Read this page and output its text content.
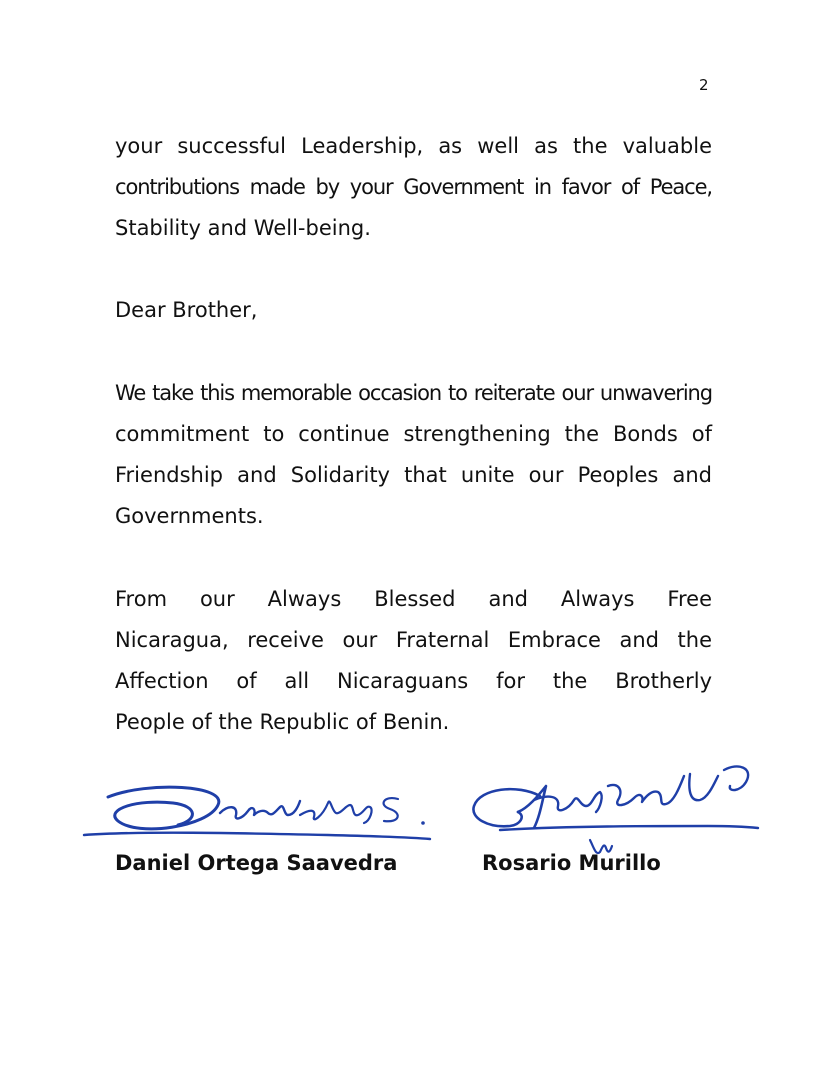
2
your successful Leadership, as well as the valuable
contributions made by your Government in favor of Peace,
Stability and Well-being.
Dear Brother,
We take this memorable occasion to reiterate our unwavering
commitment to continue strengthening the Bonds of
Friendship and Solidarity that unite our Peoples and
Governments.
From our Always Blessed and Always Free
Nicaragua, receive our Fraternal Embrace and the
Affection of all Nicaraguans for the Brotherly
People of the Republic of Benin.
Daniel Ortega Saavedra	Rosario Murillo
